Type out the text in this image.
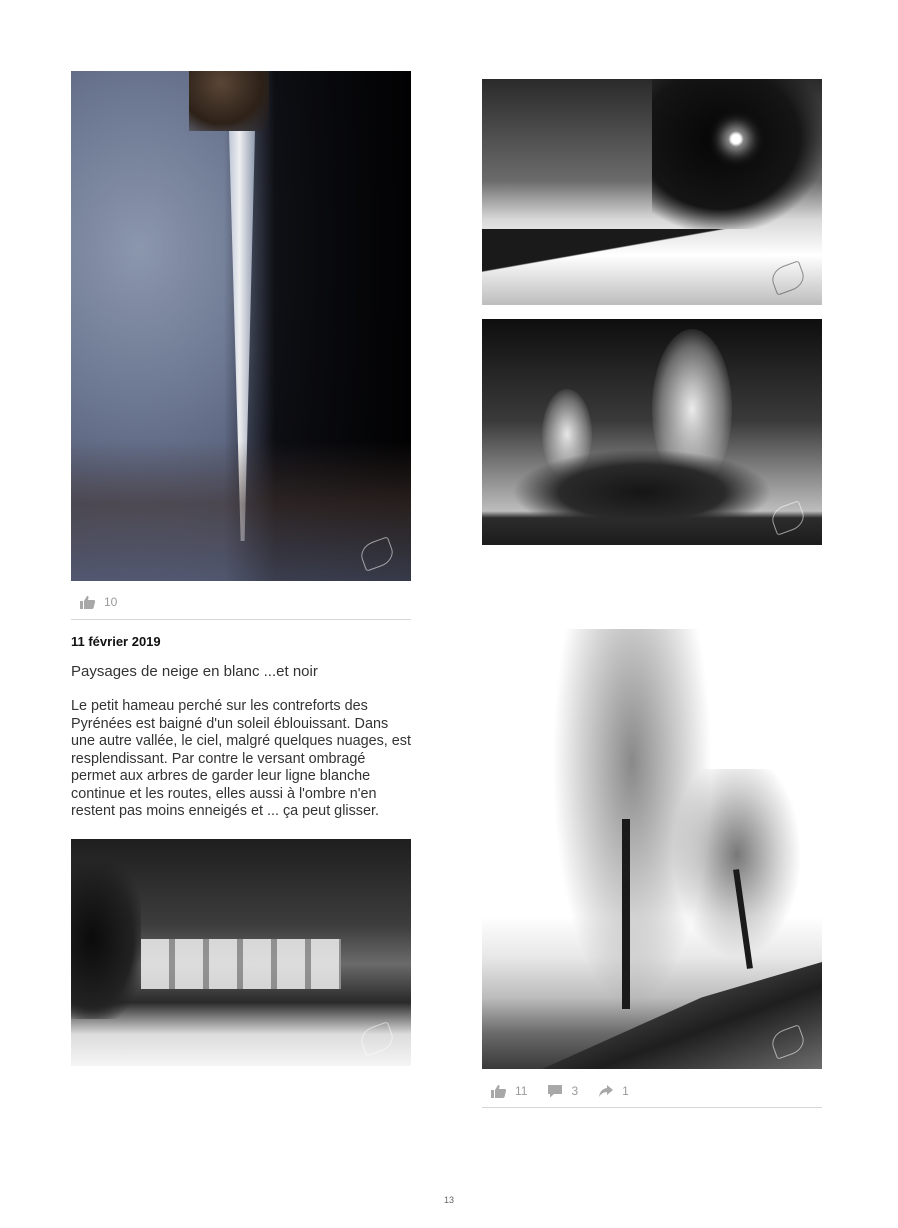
10
11 février 2019
Paysages de neige en blanc ...et noir
Le petit hameau perché sur les contreforts des Pyrénées est baigné d'un soleil éblouissant. Dans une autre vallée, le ciel, malgré quelques nuages, est resplendissant. Par contre le versant ombragé permet aux arbres de garder leur ligne blanche continue et les routes, elles aussi à l'ombre n'en restent pas moins enneigés et ... ça peut glisser.
11	3	1
13
